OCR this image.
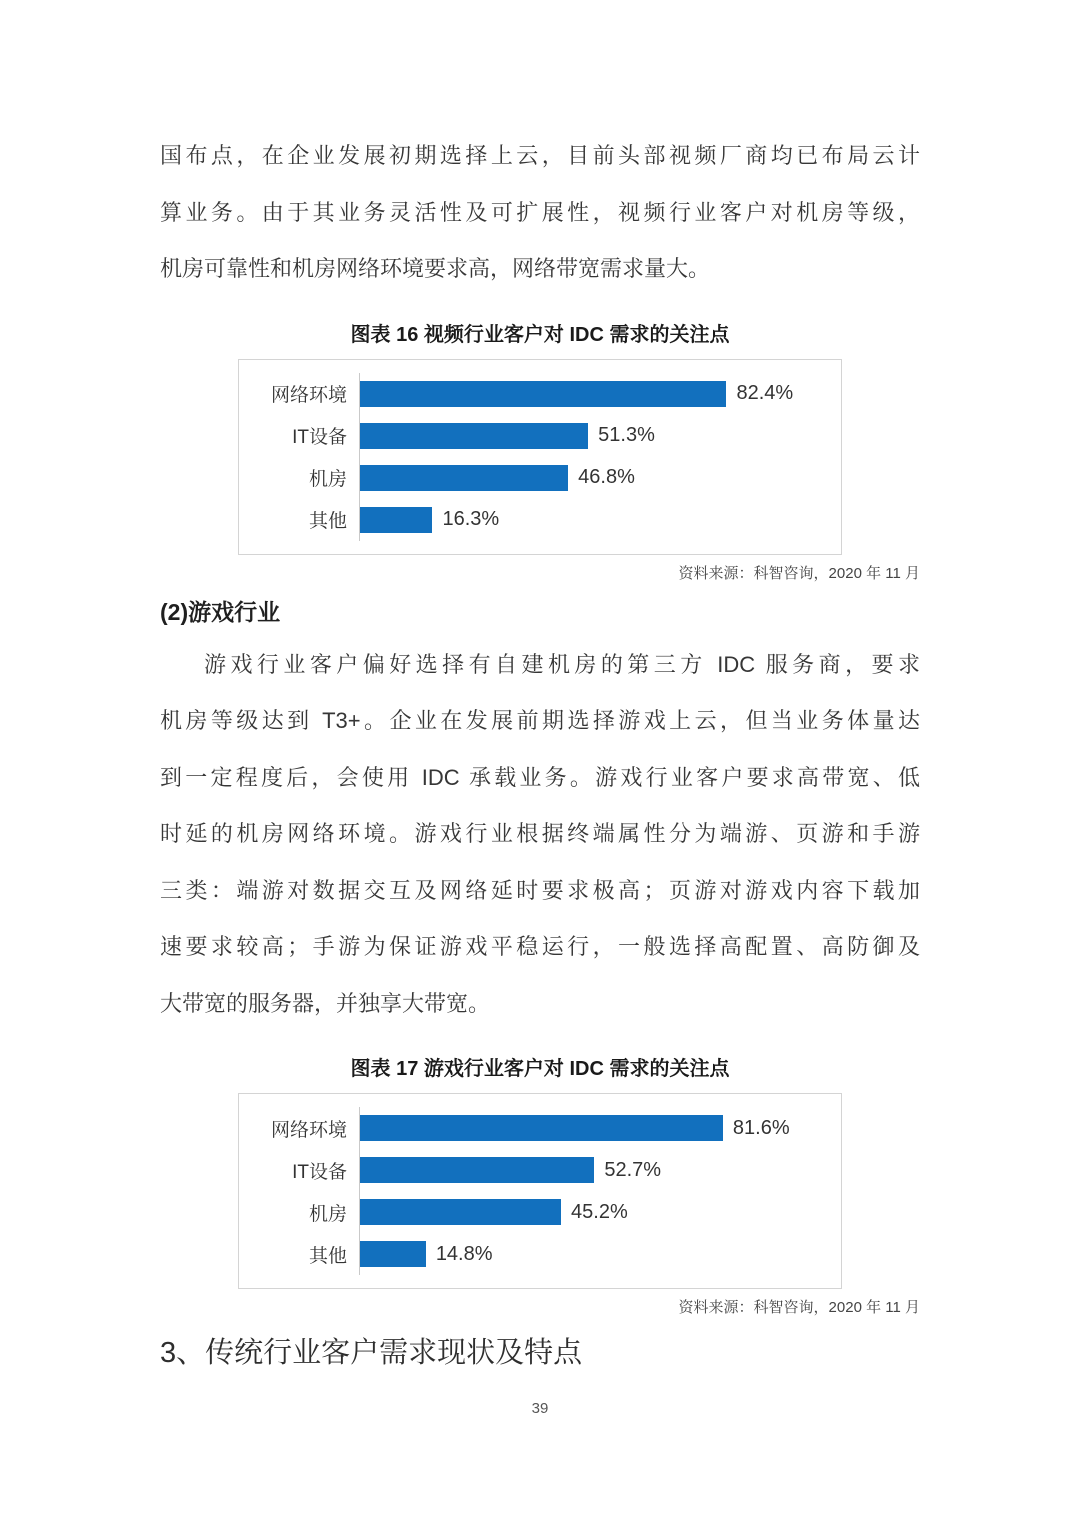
国布点，在企业发展初期选择上云，目前头部视频厂商均已布局云计
算业务。由于其业务灵活性及可扩展性，视频行业客户对机房等级，
机房可靠性和机房网络环境要求高，网络带宽需求量大。
图表 16 视频行业客户对 IDC 需求的关注点
网络环境	82.4%
IT设备	51.3%
机房	46.8%
其他	16.3%
资料来源：科智咨询，2020 年 11 月
(2)游戏行业
游戏行业客户偏好选择有自建机房的第三方 IDC 服务商，要求
机房等级达到 T3+。企业在发展前期选择游戏上云，但当业务体量达
到一定程度后，会使用 IDC 承载业务。游戏行业客户要求高带宽、低
时延的机房网络环境。游戏行业根据终端属性分为端游、页游和手游
三类：端游对数据交互及网络延时要求极高；页游对游戏内容下载加
速要求较高；手游为保证游戏平稳运行，一般选择高配置、高防御及
大带宽的服务器，并独享大带宽。
图表 17 游戏行业客户对 IDC 需求的关注点
网络环境	81.6%
IT设备	52.7%
机房	45.2%
其他	14.8%
资料来源：科智咨询，2020 年 11 月
3、传统行业客户需求现状及特点
39
